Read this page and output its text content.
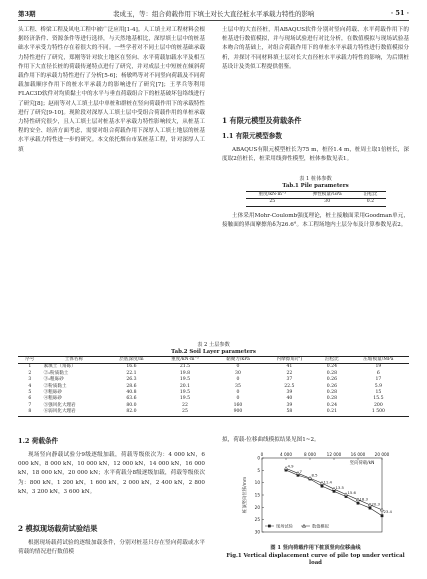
第3期	裴成玉，等：组合荷载作用下填土对长大直径桩水平承载力特性的影响	· 51 ·
头工程、桥梁工程及风电工程中被广泛应用[1-4]。人工填土对工程材料会根据经济条件、资源条件等进行选择，与天然地基相比，深厚填土层中的桩基础水平承受力特性存在着很大的不同。一些学者对不同土层中的桩基础承载力特性进行了研究，郑刚等针对软土地区在竖向、水平荷载加载水平及相互作用下大直径长桩的荷载传递特点进行了研究，并对成层土中短桩在倾斜荷载作用下的承载力特性进行了分析[5-6]；杨敏鸣等对不同竖向荷载及不同荷载加载顺序作用下的桩水平承载力的影响进行了研究[7]；王孝兵等利用FLAC3D软件对均质黏土中的水平与垂直荷载组合下的桩基破坏包络线进行了研究[8]；赵雨等对人工填土层中单桩和群桩在竖向荷载作用下的承载特性进行了研究[9-10]。现阶段对深厚人工填土层中受组合荷载作用的单桩承载力特性研究很少，且人工填土层对桩基水平承载力特性影响较大，从桩基工程的安全、经济方面考虑，需要对组合荷载作用下深厚人工填土地层的桩基水平承载力特性进一步的研究。本文依托烟台市某桩基工程，针对深厚人工填
土层中的大直径桩，用ABAQUS软件分别对竖向荷载、水平荷载作用下的桩基进行数值模拟，并与现场试验进行对比分析，在数值模拟与现场试验基本吻合的基础上，对组合荷载作用下的单桩水平承载力特性进行数值模拟分析，并探讨不同材料填土层对长大直径桩水平承载力特性的影响，为后期桩基设计及类似工程提供借鉴。
1 有限元模型及荷载条件
1.1 有限元模型参数
ABAQUS有限元模型桩长为75 m，桩径1.4 m，桩周土取1倍桩长，深度取2倍桩长，桩采用线弹性模型，桩体参数见表1。
表 1 桩体参数
Tab.1 Pile parameters
重度/kN·m⁻³	弹性模量/GPa	泊松比
25	30	0.2
土体采用Mohr-Coulomb强度理论，桩土接触面采用Goodman单元，接触面的界面摩擦角δ为26.6°。本工程场地内土层分布及计算参数见表2。
表 2 土层参数
Tab.2 Soil Layer parameters
序号	土体名称	层底深度/m	重度/kN·m⁻³	黏聚力/kPa	内摩擦角/(°)	泊松比	压缩模量/MPa
1	素填土（角砾）	16.6	21.5	0	41	0.24	19
2	②₁粉质黏土	22.1	19.8	30	22	0.28	6
3	③₁粗砾砂	26.3	19.5	0	37	0.26	17
4	②粉质黏土	28.6	20.1	35	22.5	0.26	5.9
5	③粗砾砂	40.8	19.5	0	39	0.28	15
6	④粗砾砂	63.6	19.5	0	40	0.28	15.5
7	⑤强风化大理岩	80.0	22	160	39	0.24	200
8	⑥弱风化大理岩	82.0	25	900	58	0.21	1 500
1.2 荷载条件
现场竖向静载试验分9级逐级加载，荷载等级依次为：4 000 kN，6 000 kN，8 000 kN，10 000 kN，12 000 kN，14 000 kN，16 000 kN，18 000 kN，20 000 kN；水平荷载分8级逐级加载，荷载等级依次为：800 kN，1 200 kN，1 600 kN，2 000 kN，2 400 kN，2 800 kN，3 200 kN，3 600 kN。
2 模拟现场载荷试验结果
根据现场载荷试验的逐级加载条件，分别对桩基只存在竖向荷载或水平荷载的情况进行数值模
拟，荷载-位移曲线模拟结果见图1~2。
0	4 000	8 000	12 000 16 000 20 000
竖向荷载/kN
0
5
10
15
20
25
30
桩顶竖向位移/mm
4.9
7
8.5
11.4
13.5
15.6
18.3
20.3
23.4
现场试验	数值模拟
图 1 竖向荷载作用下桩顶竖向位移曲线
Fig.1 Vertical displacement curve of pile top under vertical load
